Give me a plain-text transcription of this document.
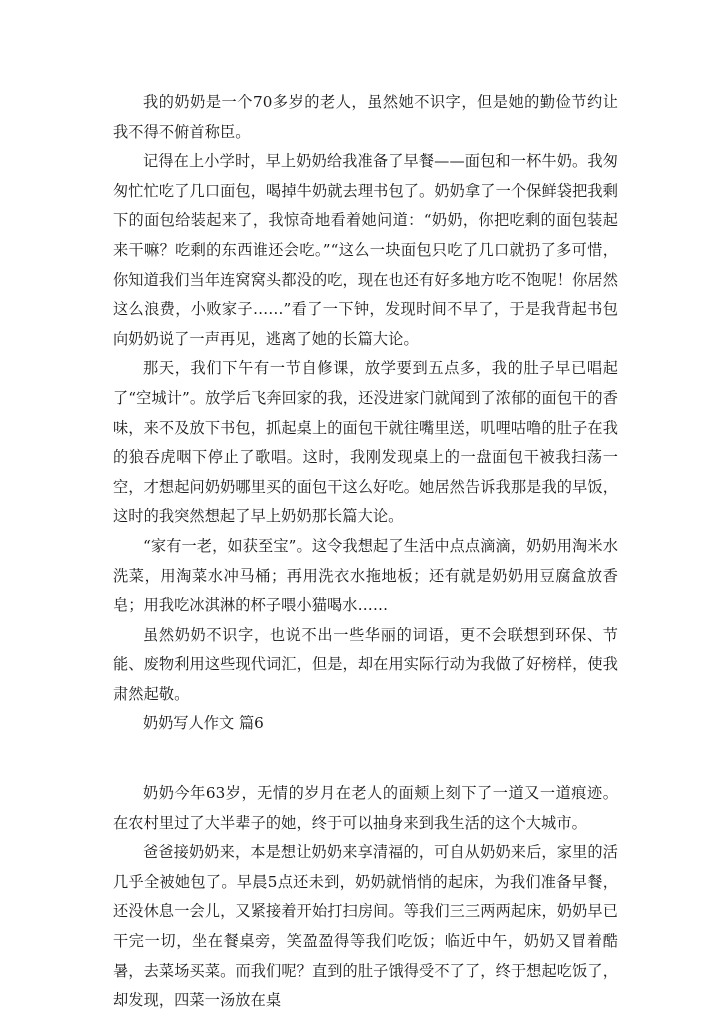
我的奶奶是一个70多岁的老人，虽然她不识字，但是她的勤俭节约让我不得不俯首称臣。

记得在上小学时，早上奶奶给我准备了早餐——面包和一杯牛奶。我匆匆忙忙吃了几口面包，喝掉牛奶就去理书包了。奶奶拿了一个保鲜袋把我剩下的面包给装起来了，我惊奇地看着她问道：“奶奶，你把吃剩的面包装起来干嘛？吃剩的东西谁还会吃。”“这么一块面包只吃了几口就扔了多可惜，你知道我们当年连窝窝头都没的吃，现在也还有好多地方吃不饱呢！你居然这么浪费，小败家子……”看了一下钟，发现时间不早了，于是我背起书包向奶奶说了一声再见，逃离了她的长篇大论。

那天，我们下午有一节自修课，放学要到五点多，我的肚子早已唱起了“空城计”。放学后飞奔回家的我，还没进家门就闻到了浓郁的面包干的香味，来不及放下书包，抓起桌上的面包干就往嘴里送，叽哩咕噜的肚子在我的狼吞虎咽下停止了歌唱。这时，我刚发现桌上的一盘面包干被我扫荡一空，才想起问奶奶哪里买的面包干这么好吃。她居然告诉我那是我的早饭，这时的我突然想起了早上奶奶那长篇大论。

“家有一老，如获至宝”。这令我想起了生活中点点滴滴，奶奶用淘米水洗菜，用淘菜水冲马桶；再用洗衣水拖地板；还有就是奶奶用豆腐盒放香皂；用我吃冰淇淋的杯子喂小猫喝水……

虽然奶奶不识字，也说不出一些华丽的词语，更不会联想到环保、节能、废物利用这些现代词汇，但是，却在用实际行动为我做了好榜样，使我肃然起敬。

奶奶写人作文 篇6

奶奶今年63岁，无情的岁月在老人的面颊上刻下了一道又一道痕迹。在农村里过了大半辈子的她，终于可以抽身来到我生活的这个大城市。

爸爸接奶奶来，本是想让奶奶来享清福的，可自从奶奶来后，家里的活几乎全被她包了。早晨5点还未到，奶奶就悄悄的起床，为我们准备早餐，还没休息一会儿，又紧接着开始打扫房间。等我们三三两两起床，奶奶早已干完一切，坐在餐桌旁，笑盈盈得等我们吃饭；临近中午，奶奶又冒着酷暑，去菜场买菜。而我们呢？直到的肚子饿得受不了了，终于想起吃饭了，却发现，四菜一汤放在桌
